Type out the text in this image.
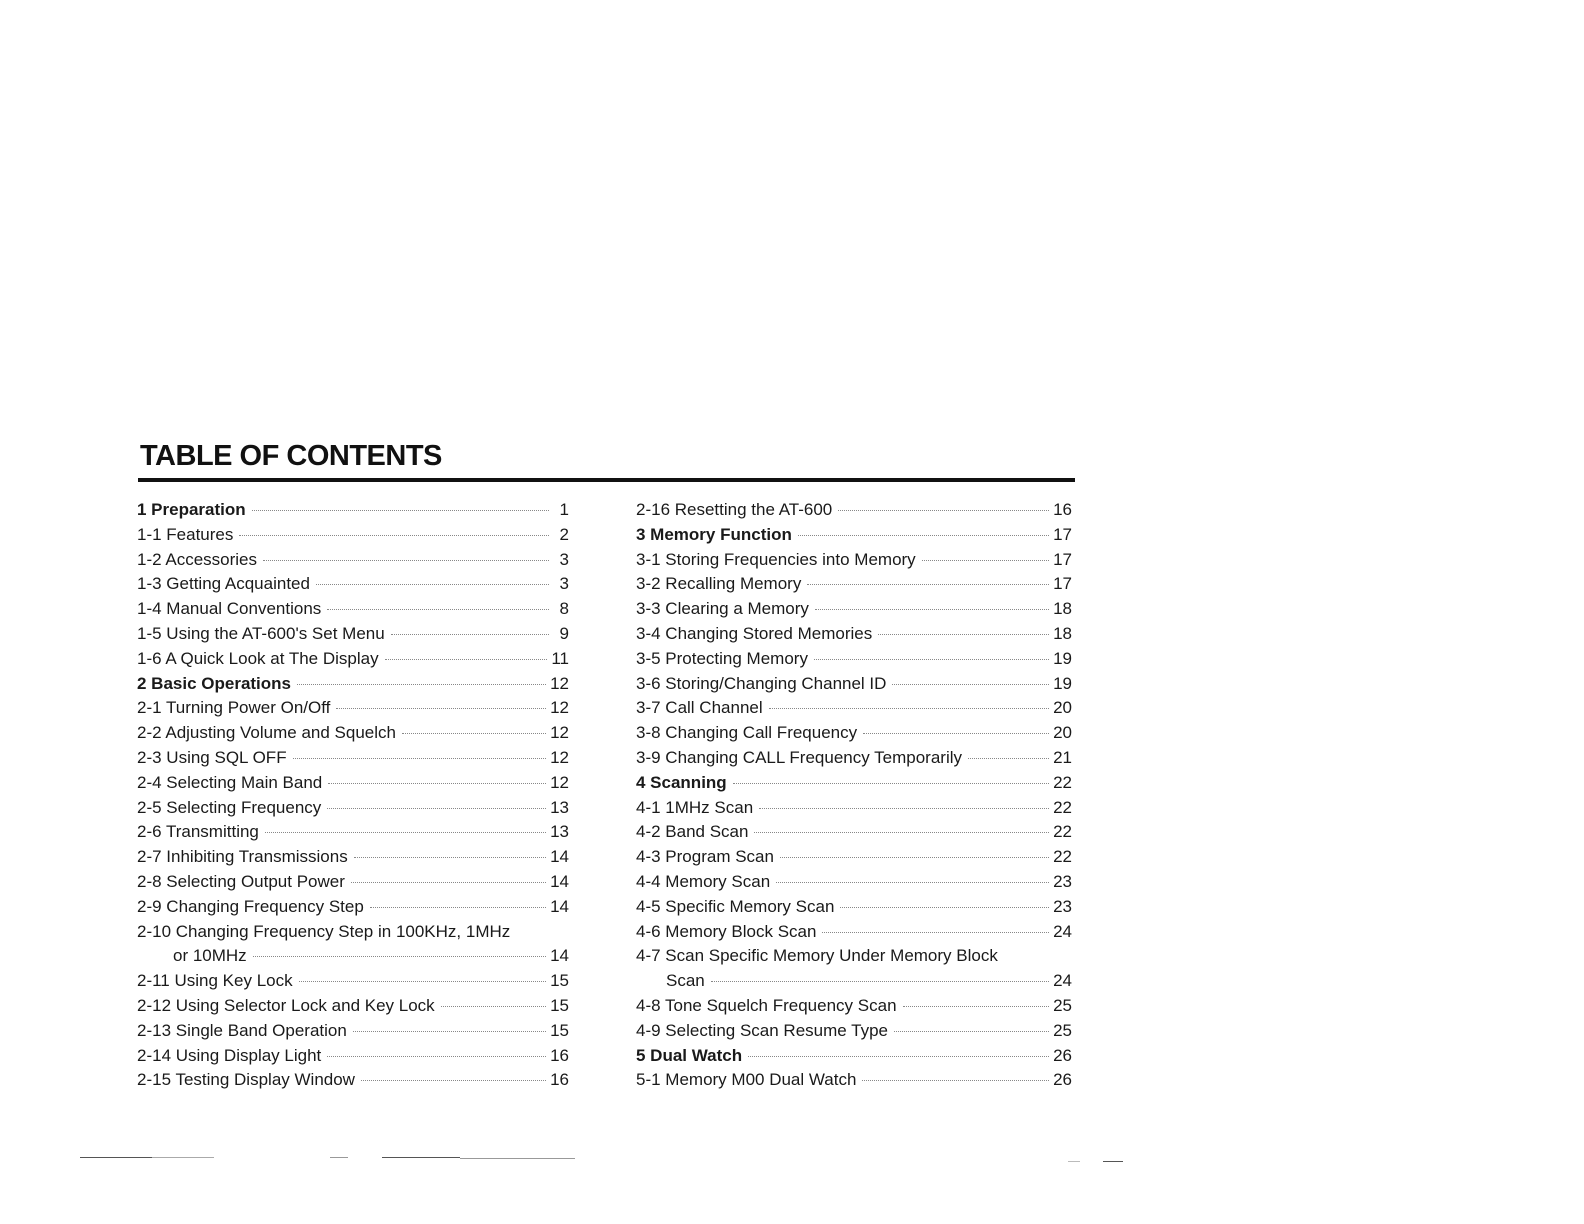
TABLE OF CONTENTS
1 Preparation	1
1-1 Features	2
1-2 Accessories	3
1-3 Getting Acquainted	3
1-4 Manual Conventions	8
1-5 Using the AT-600's Set Menu	9
1-6 A Quick Look at The Display	11
2 Basic Operations	12
2-1 Turning Power On/Off	12
2-2 Adjusting Volume and Squelch	12
2-3 Using SQL OFF	12
2-4 Selecting Main Band	12
2-5 Selecting Frequency	13
2-6 Transmitting	13
2-7 Inhibiting Transmissions	14
2-8 Selecting Output Power	14
2-9 Changing Frequency Step	14
2-10 Changing Frequency Step in 100KHz, 1MHz
or 10MHz	14
2-11 Using Key Lock	15
2-12 Using Selector Lock and Key Lock	15
2-13 Single Band Operation	15
2-14 Using Display Light	16
2-15 Testing Display Window	16
2-16 Resetting the AT-600	16
3 Memory Function	17
3-1 Storing Frequencies into Memory	17
3-2 Recalling Memory	17
3-3 Clearing a Memory	18
3-4 Changing Stored Memories	18
3-5 Protecting Memory	19
3-6 Storing/Changing Channel ID	19
3-7 Call Channel	20
3-8 Changing Call Frequency	20
3-9 Changing CALL Frequency Temporarily	21
4 Scanning	22
4-1 1MHz Scan	22
4-2 Band Scan	22
4-3 Program Scan	22
4-4 Memory Scan	23
4-5 Specific Memory Scan	23
4-6 Memory Block Scan	24
4-7 Scan Specific Memory Under Memory Block
Scan	24
4-8 Tone Squelch Frequency Scan	25
4-9 Selecting Scan Resume Type	25
5 Dual Watch	26
5-1 Memory M00 Dual Watch	26
